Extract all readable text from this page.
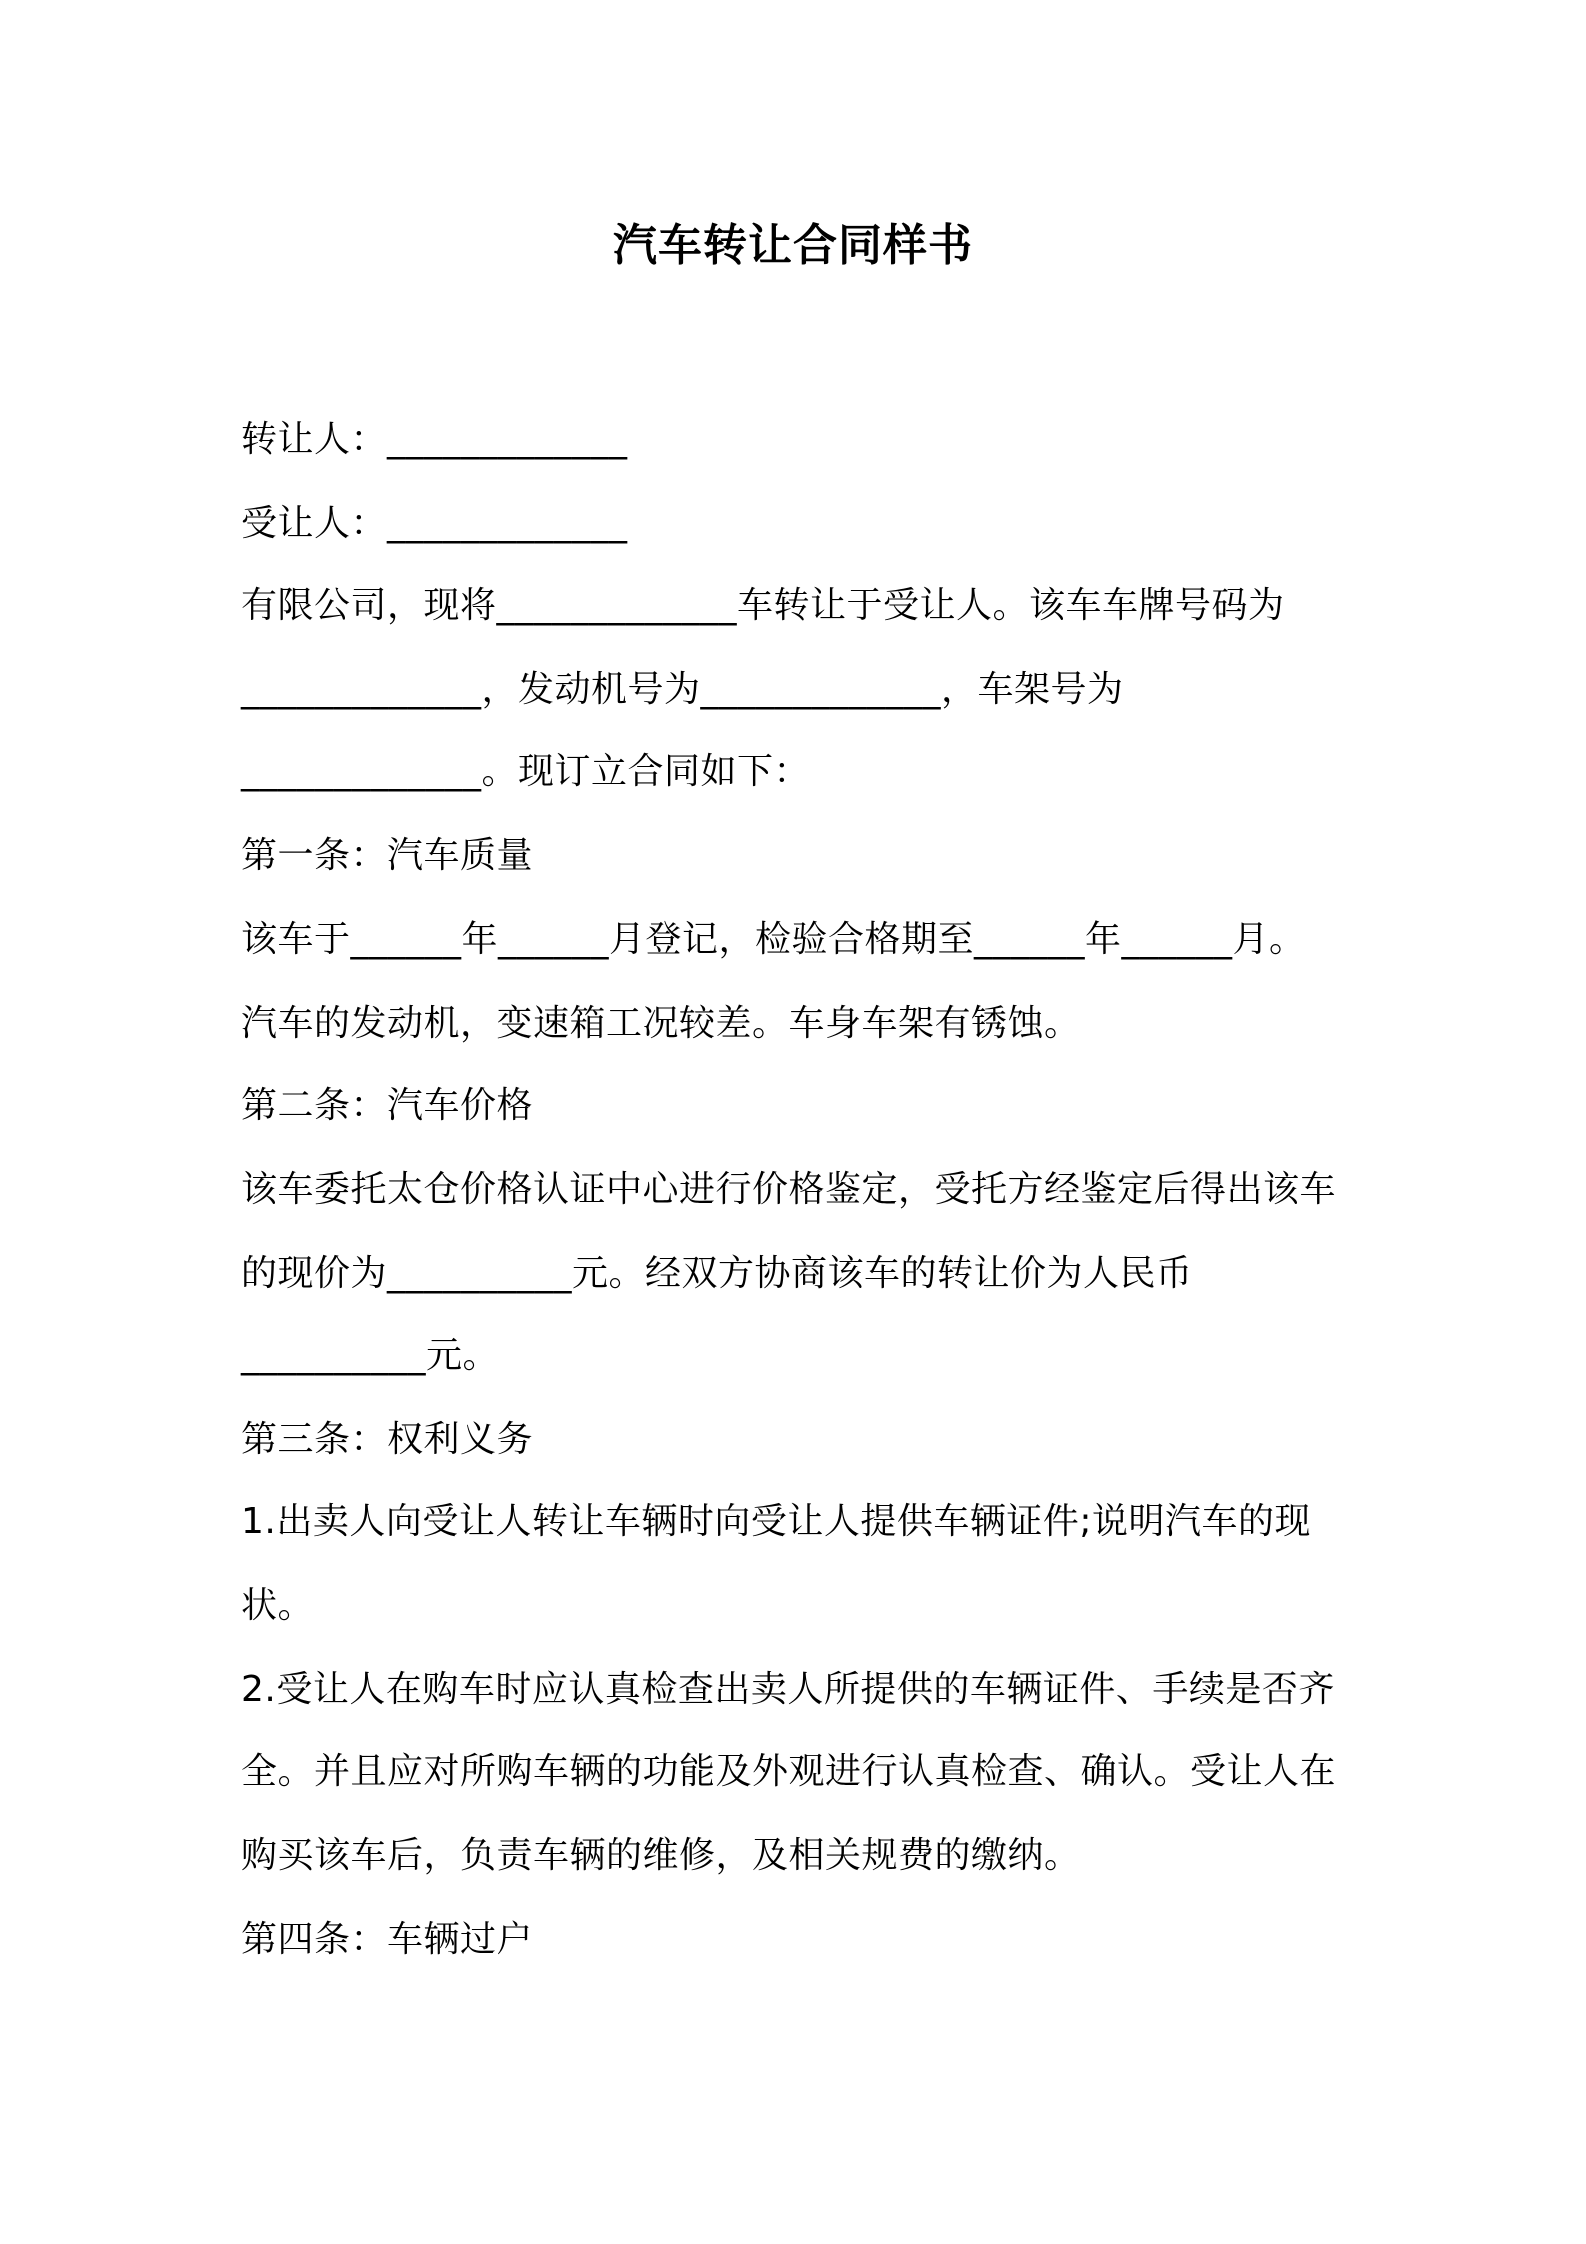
汽车转让合同样书
转让人：_____________
受让人：_____________
有限公司，现将_____________车转让于受让人。该车车牌号码为
_____________，发动机号为_____________，车架号为
_____________。现订立合同如下：
第一条：汽车质量
该车于______年______月登记，检验合格期至______年______月。
汽车的发动机，变速箱工况较差。车身车架有锈蚀。
第二条：汽车价格
该车委托太仓价格认证中心进行价格鉴定，受托方经鉴定后得出该车
的现价为__________元。经双方协商该车的转让价为人民币
__________元。
第三条：权利义务
1.出卖人向受让人转让车辆时向受让人提供车辆证件;说明汽车的现
状。
2.受让人在购车时应认真检查出卖人所提供的车辆证件、手续是否齐
全。并且应对所购车辆的功能及外观进行认真检查、确认。受让人在
购买该车后，负责车辆的维修，及相关规费的缴纳。
第四条：车辆过户
